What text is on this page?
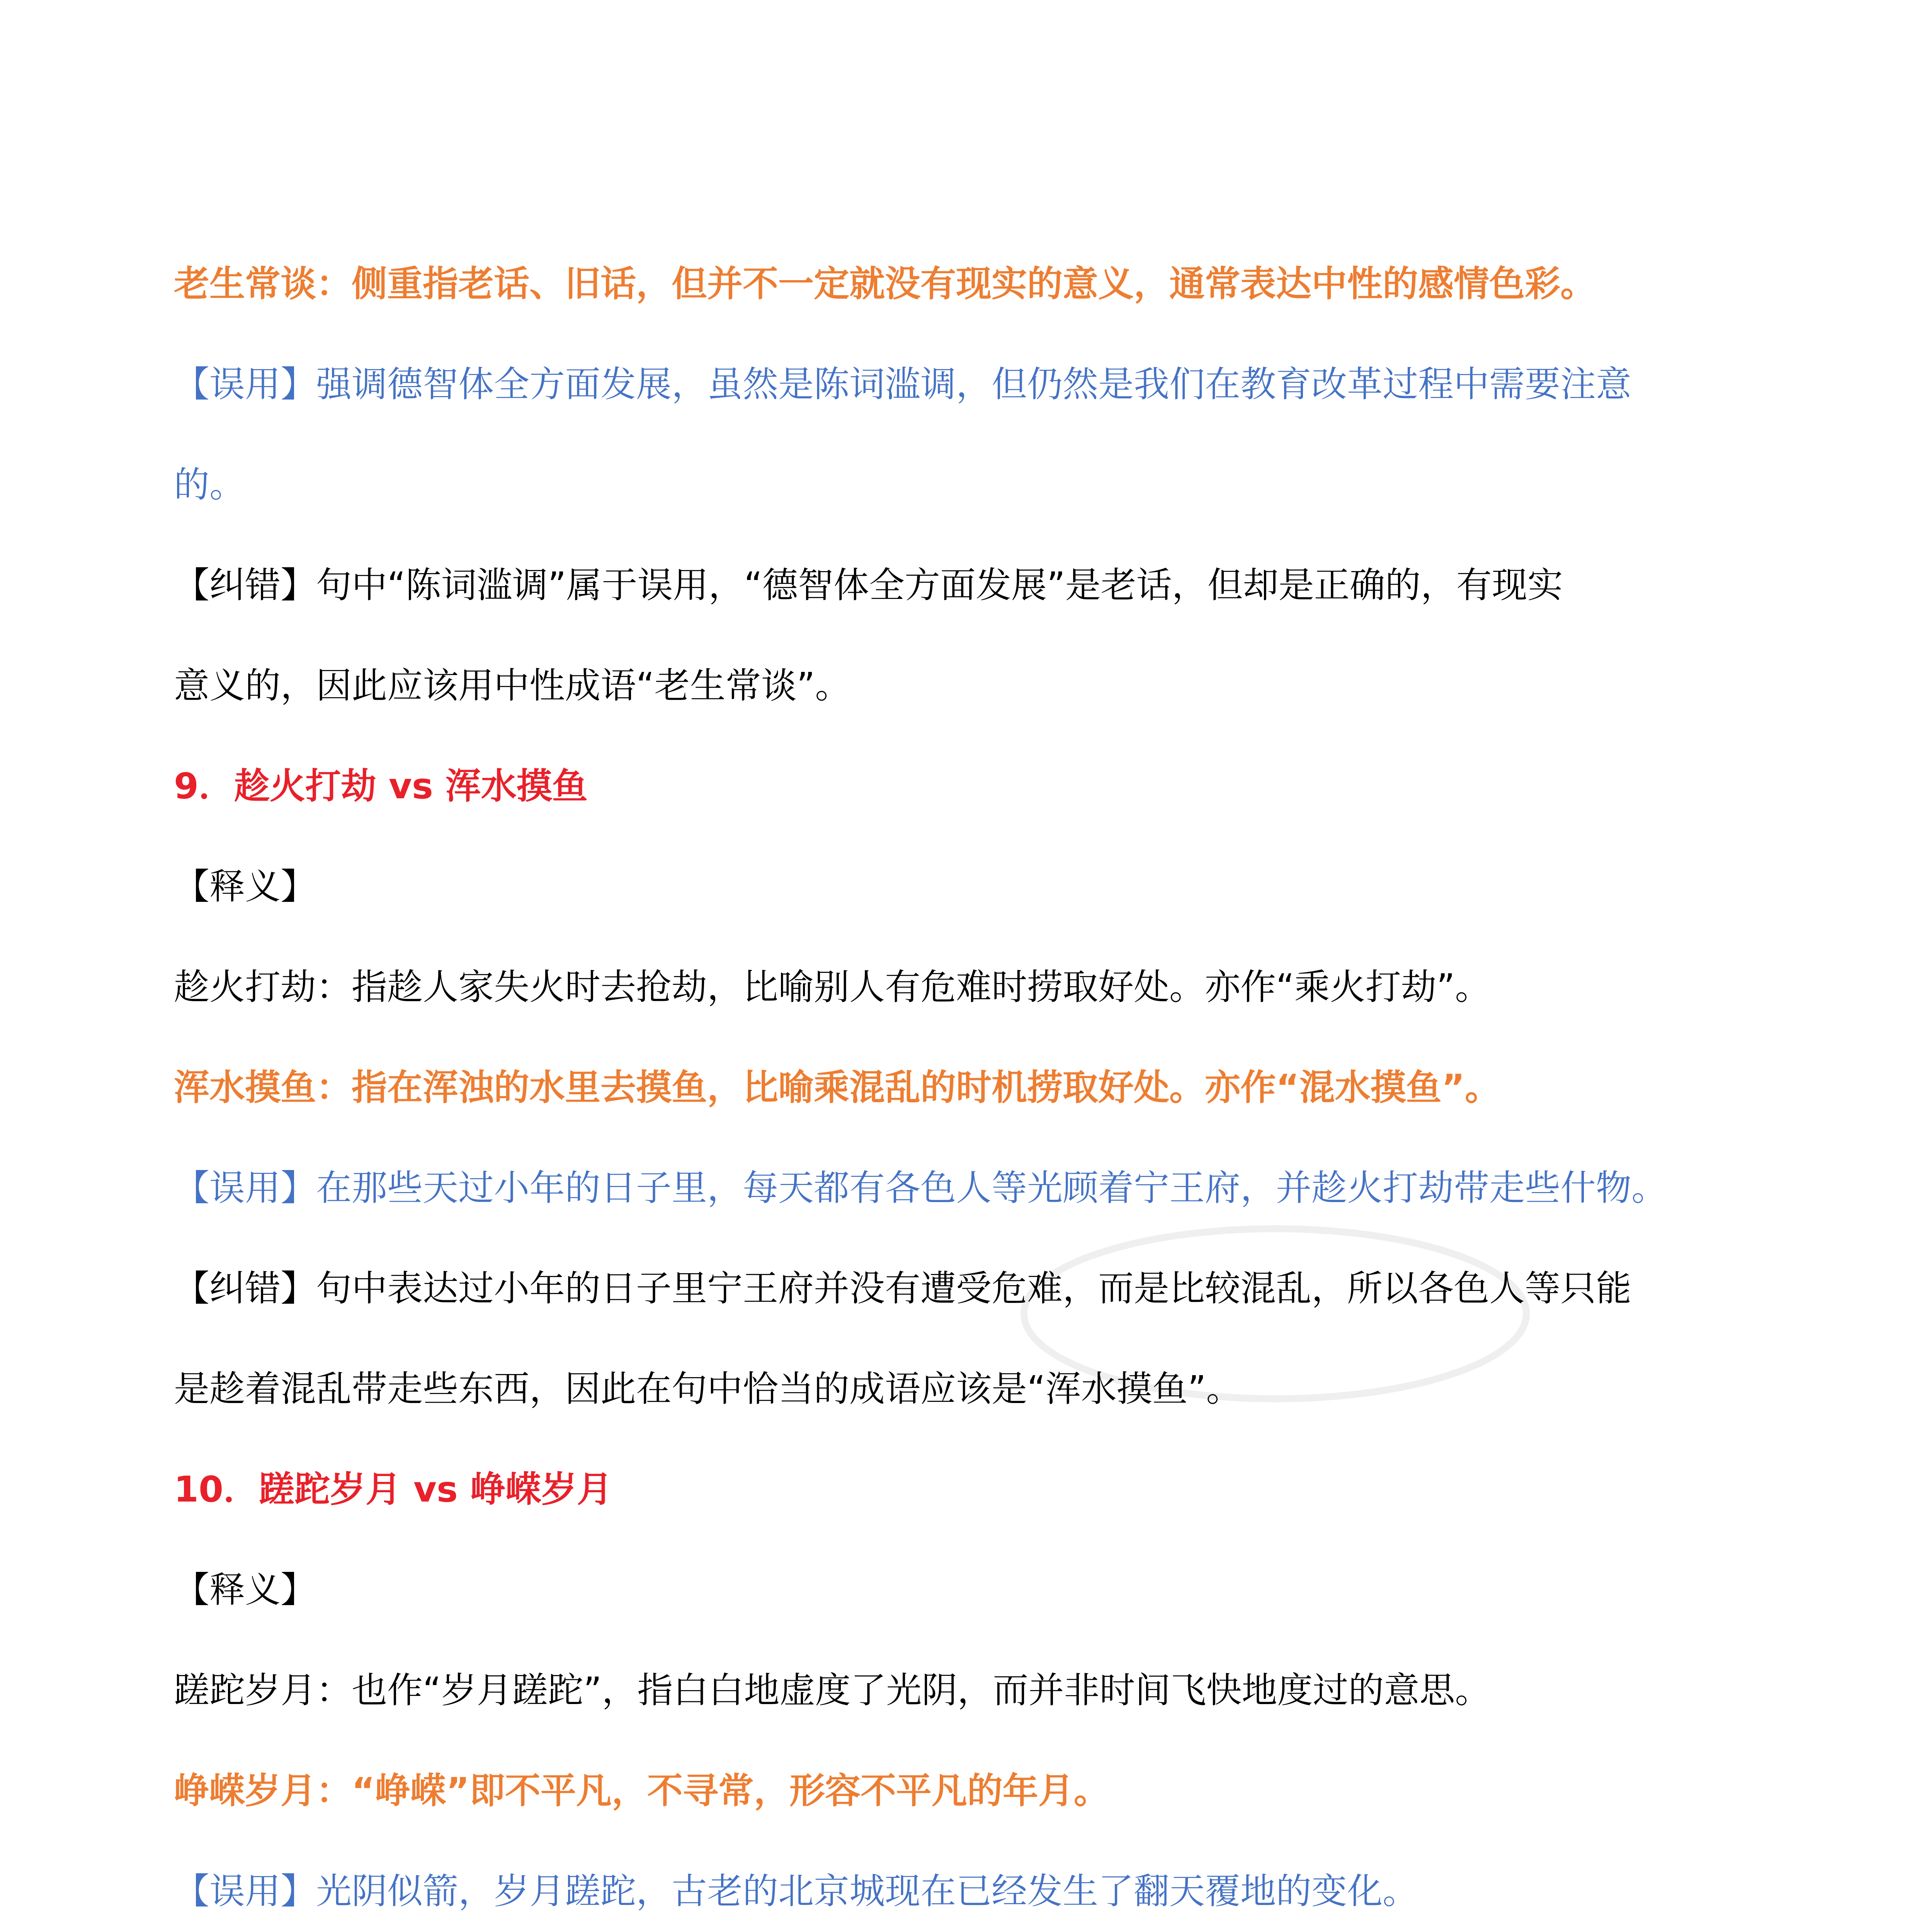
老生常谈：侧重指老话、旧话，但并不一定就没有现实的意义，通常表达中性的感情色彩。
【误用】强调德智体全方面发展，虽然是陈词滥调，但仍然是我们在教育改革过程中需要注意
的。
【纠错】句中“陈词滥调”属于误用，“德智体全方面发展”是老话，但却是正确的，有现实
意义的，因此应该用中性成语“老生常谈”。
9．趁火打劫 vs 浑水摸鱼
【释义】
趁火打劫：指趁人家失火时去抢劫，比喻别人有危难时捞取好处。亦作“乘火打劫”。
浑水摸鱼：指在浑浊的水里去摸鱼，比喻乘混乱的时机捞取好处。亦作“混水摸鱼”。
【误用】在那些天过小年的日子里，每天都有各色人等光顾着宁王府，并趁火打劫带走些什物。
【纠错】句中表达过小年的日子里宁王府并没有遭受危难，而是比较混乱，所以各色人等只能
是趁着混乱带走些东西，因此在句中恰当的成语应该是“浑水摸鱼”。
10．蹉跎岁月 vs 峥嵘岁月
【释义】
蹉跎岁月：也作“岁月蹉跎”，指白白地虚度了光阴，而并非时间飞快地度过的意思。
峥嵘岁月：“峥嵘”即不平凡，不寻常，形容不平凡的年月。
【误用】光阴似箭，岁月蹉跎，古老的北京城现在已经发生了翻天覆地的变化。
